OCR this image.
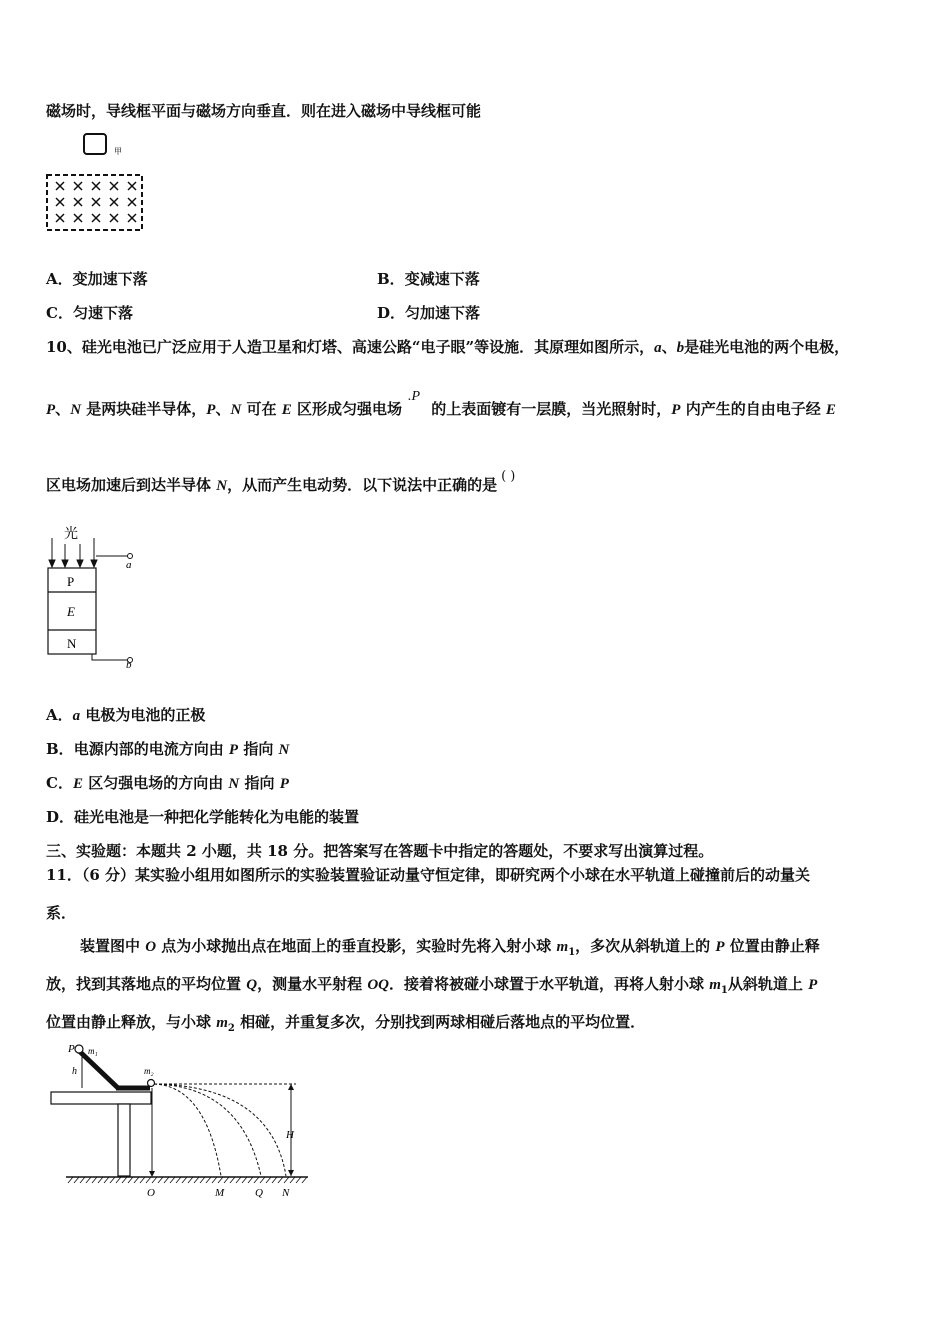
磁场时，导线框平面与磁场方向垂直．则在进入磁场中导线框可能
甲
A．变加速下落	B．变减速下落
C．匀速下落	D．匀加速下落
10、硅光电池已广泛应用于人造卫星和灯塔、高速公路“电子眼”等设施．其原理如图所示，a、b是硅光电池的两个电极，
P、N 是两块硅半导体，P、N 可在 E 区形成匀强电场.P 的上表面镀有一层膜，当光照射时，P 内产生的自由电子经 E
区电场加速后到达半导体 N，从而产生电动势．以下说法中正确的是 ( )
光
P
E
N
a
b
A．a 电极为电池的正极
B．电源内部的电流方向由 P 指向 N
C．E 区匀强电场的方向由 N 指向 P
D．硅光电池是一种把化学能转化为电能的装置
三、实验题：本题共 2 小题，共 18 分。把答案写在答题卡中指定的答题处，不要求写出演算过程。
11．（6 分）某实验小组用如图所示的实验装置验证动量守恒定律，即研究两个小球在水平轨道上碰撞前后的动量关
系．
装置图中 O 点为小球抛出点在地面上的垂直投影，实验时先将入射小球 $m_1$，多次从斜轨道上的 P 位置由静止释
放，找到其落地点的平均位置 Q，测量水平射程 OQ．接着将被碰小球置于水平轨道，再将人射小球 $m_1$从斜轨道上 P
位置由静止释放，与小球 $m_2$ 相碰，并重复多次，分别找到两球相碰后落地点的平均位置．
P m₁
h	m₂
H
O	M	Q N
